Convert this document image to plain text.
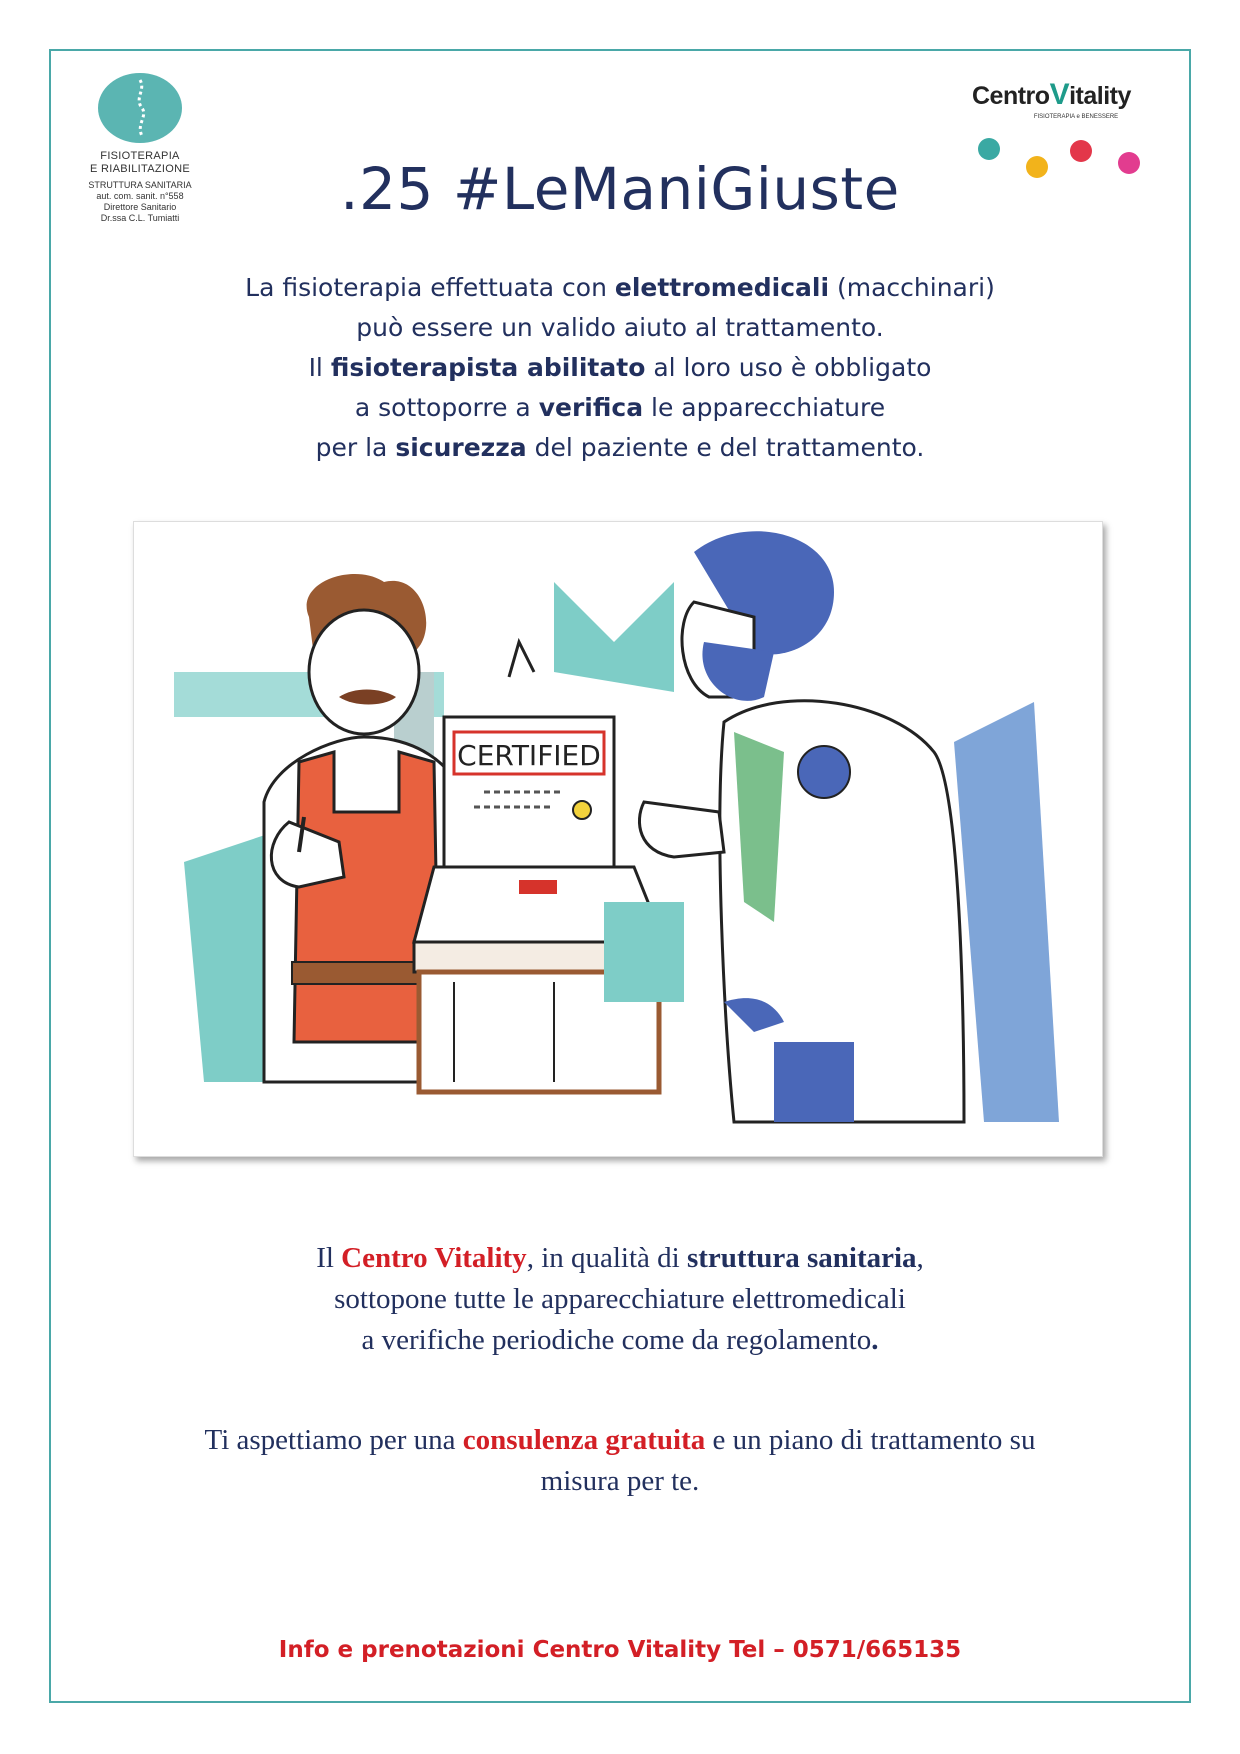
FISIOTERAPIA
E RIABILITAZIONE
STRUTTURA SANITARIA
aut. com. sanit. n°558
Direttore Sanitario
Dr.ssa C.L. Tumiatti
CentroVitality
FISIOTERAPIA e BENESSERE
.25 #LeManiGiuste
La fisioterapia effettuata con elettromedicali (macchinari)
può essere un valido aiuto al trattamento.
Il fisioterapista abilitato al loro uso è obbligato
a sottoporre a verifica le apparecchiature
per la sicurezza del paziente e del trattamento.
CERTIFIED
Il Centro Vitality, in qualità di struttura sanitaria,
sottopone tutte le apparecchiature elettromedicali
a verifiche periodiche come da regolamento.
Ti aspettiamo per una consulenza gratuita e un piano di trattamento su
misura per te.
Info e prenotazioni Centro Vitality Tel – 0571/665135
